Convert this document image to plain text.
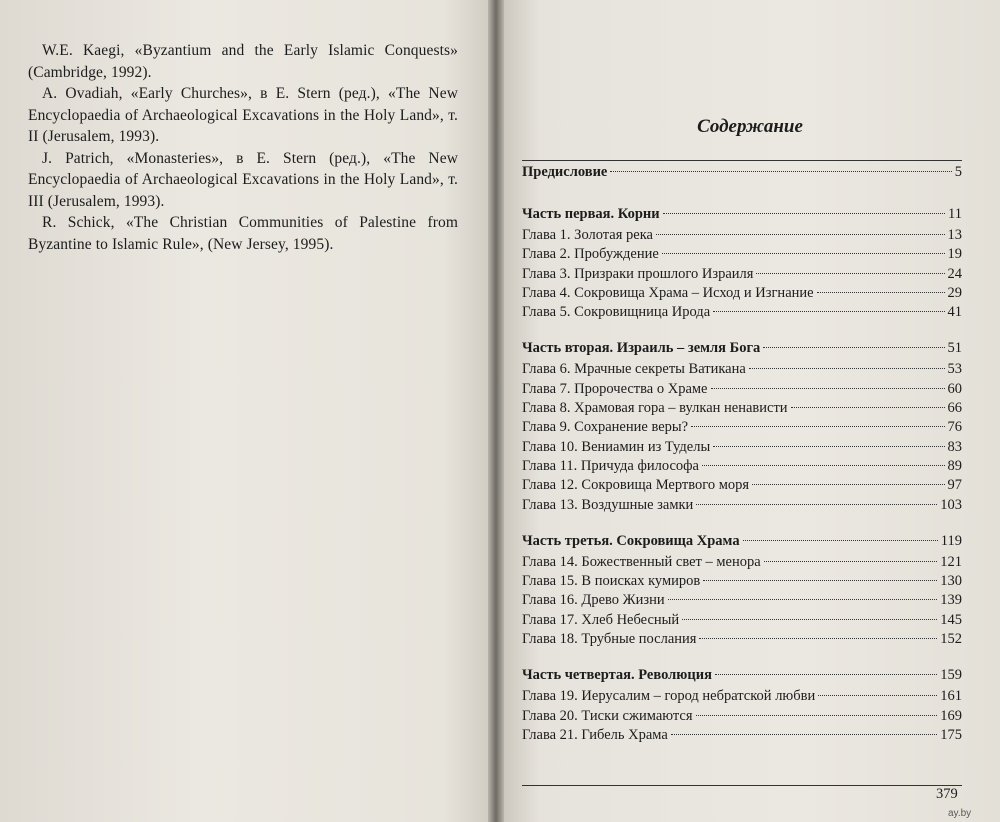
W.E. Kaegi, «Byzantium and the Early Islamic Conquests» (Cambridge, 1992).

A. Ovadiah, «Early Churches», в E. Stern (ред.), «The New Encyclopaedia of Archaeological Excavations in the Holy Land», т. II (Jerusalem, 1993).

J. Patrich, «Monasteries», в E. Stern (ред.), «The New Encyclopaedia of Archaeological Excavations in the Holy Land», т. III (Jerusalem, 1993).

R. Schick, «The Christian Communities of Palestine from Byzantine to Islamic Rule», (New Jersey, 1995).

Содержание
Предисловие	5
Часть первая. Корни	11
Глава 1. Золотая река	13
Глава 2. Пробуждение	19
Глава 3. Призраки прошлого Израиля	24
Глава 4. Сокровища Храма – Исход и Изгнание	29
Глава 5. Сокровищница Ирода	41
Часть вторая. Израиль – земля Бога	51
Глава 6. Мрачные секреты Ватикана	53
Глава 7. Пророчества о Храме	60
Глава 8. Храмовая гора – вулкан ненависти	66
Глава 9. Сохранение веры?	76
Глава 10. Вениамин из Туделы	83
Глава 11. Причуда философа	89
Глава 12. Сокровища Мертвого моря	97
Глава 13. Воздушные замки	103
Часть третья. Сокровища Храма	119
Глава 14. Божественный свет – менора	121
Глава 15. В поисках кумиров	130
Глава 16. Древо Жизни	139
Глава 17. Хлеб Небесный	145
Глава 18. Трубные послания	152
Часть четвертая. Революция	159
Глава 19. Иерусалим – город небратской любви	161
Глава 20. Тиски сжимаются	169
Глава 21. Гибель Храма	175
379
ay.by
